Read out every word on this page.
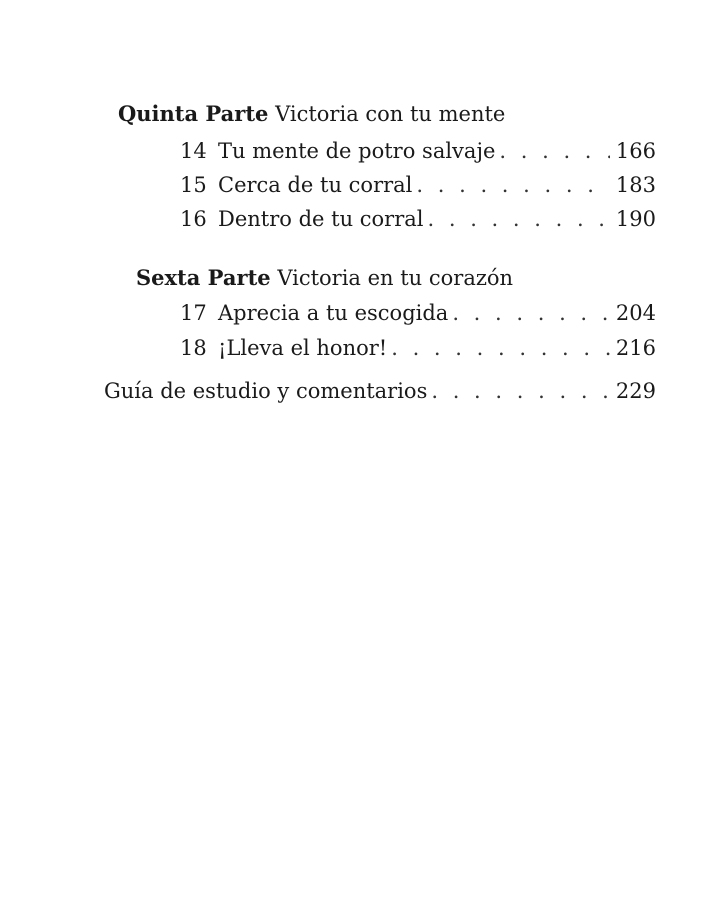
Quinta Parte Victoria con tu mente
14 Tu mente de potro salvaje . . .	166
15 Cerca de tu corral . . .	183
16 Dentro de tu corral . . .	190
Sexta Parte Victoria en tu corazón
17 Aprecia a tu escogida . . .	204
18 ¡Lleva el honor! . . .	216
Guía de estudio y comentarios . . .	229
